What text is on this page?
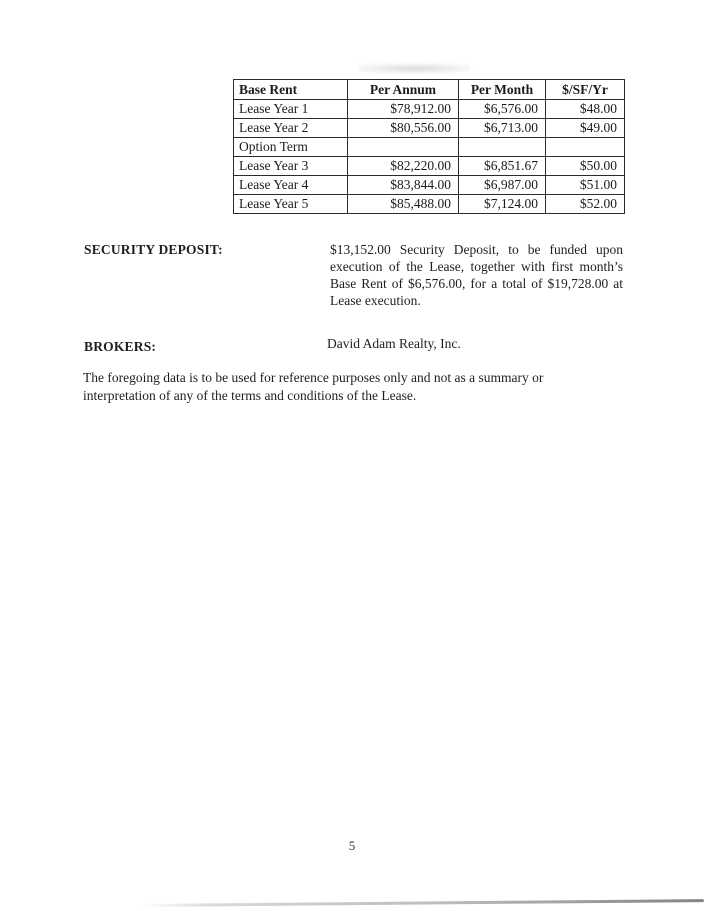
Base Rent	Per Annum	Per Month	$/SF/Yr
Lease Year 1	$78,912.00	$6,576.00	$48.00
Lease Year 2	$80,556.00	$6,713.00	$49.00
Option Term			
Lease Year 3	$82,220.00	$6,851.67	$50.00
Lease Year 4	$83,844.00	$6,987.00	$51.00
Lease Year 5	$85,488.00	$7,124.00	$52.00
SECURITY DEPOSIT:	$13,152.00 Security Deposit, to be funded upon execution of the Lease, together with first month’s Base Rent of $6,576.00, for a total of $19,728.00 at Lease execution.
BROKERS:	David Adam Realty, Inc.
The foregoing data is to be used for reference purposes only and not as a summary or interpretation of any of the terms and conditions of the Lease.
5
